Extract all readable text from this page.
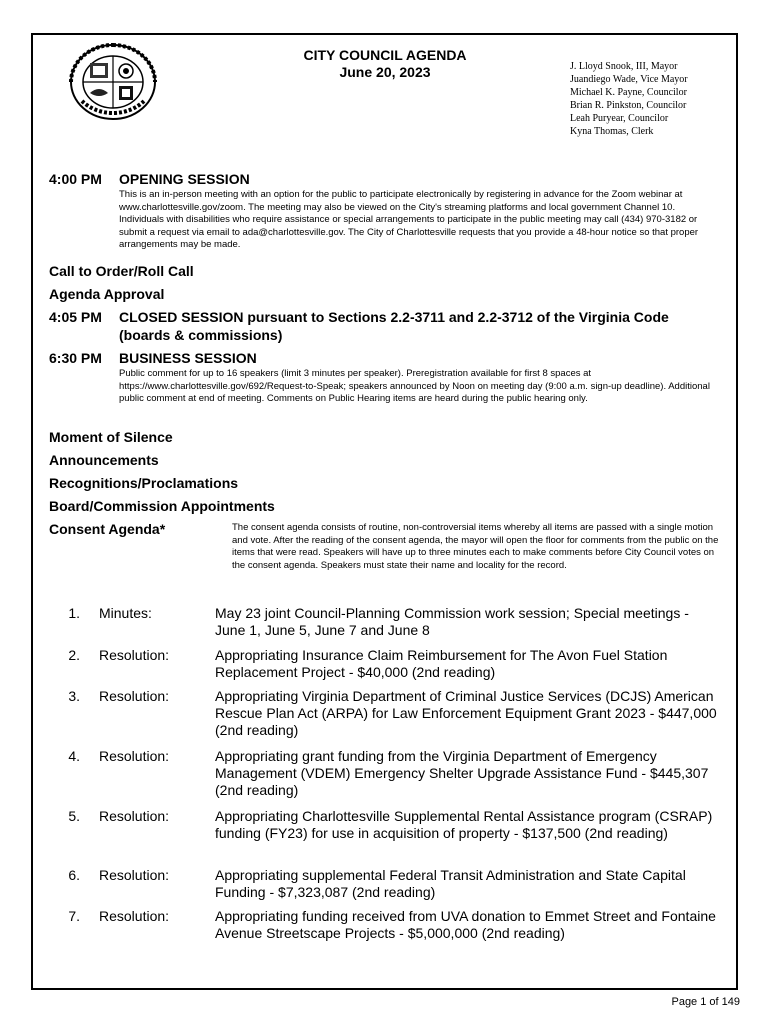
CITY COUNCIL AGENDA
June 20, 2023	J. Lloyd Snook, III, Mayor
Juandiego Wade, Vice Mayor
Michael K. Payne, Councilor
Brian R. Pinkston, Councilor
Leah Puryear, Councilor
Kyna Thomas, Clerk
4:00 PM OPENING SESSION
This is an in-person meeting with an option for the public to participate electronically by registering in advance for the Zoom webinar at www.charlottesville.gov/zoom. The meeting may also be viewed on the City's streaming platforms and local government Channel 10. Individuals with disabilities who require assistance or special arrangements to participate in the public meeting may call (434) 970-3182 or submit a request via email to ada@charlottesville.gov. The City of Charlottesville requests that you provide a 48-hour notice so that proper arrangements may be made.
Call to Order/Roll Call
Agenda Approval
4:05 PM CLOSED SESSION pursuant to Sections 2.2-3711 and 2.2-3712 of the Virginia Code
(boards & commissions)
6:30 PM BUSINESS SESSION
Public comment for up to 16 speakers (limit 3 minutes per speaker). Preregistration available for first 8 spaces at https://www.charlottesville.gov/692/Request-to-Speak; speakers announced by Noon on meeting day (9:00 a.m. sign-up deadline). Additional public comment at end of meeting. Comments on Public Hearing items are heard during the public hearing only.
Moment of Silence
Announcements
Recognitions/Proclamations
Board/Commission Appointments
Consent Agenda*	The consent agenda consists of routine, non-controversial items whereby all items are passed with a single motion and vote. After the reading of the consent agenda, the mayor will open the floor for comments from the public on the items that were read. Speakers will have up to three minutes each to make comments before City Council votes on the consent agenda. Speakers must state their name and locality for the record.
1. Minutes:	May 23 joint Council-Planning Commission work session; Special meetings - June 1, June 5, June 7 and June 8
2. Resolution:	Appropriating Insurance Claim Reimbursement for The Avon Fuel Station Replacement Project - $40,000 (2nd reading)
3. Resolution:	Appropriating Virginia Department of Criminal Justice Services (DCJS) American Rescue Plan Act (ARPA) for Law Enforcement Equipment Grant 2023 - $447,000 (2nd reading)
4. Resolution:	Appropriating grant funding from the Virginia Department of Emergency Management (VDEM) Emergency Shelter Upgrade Assistance Fund - $445,307 (2nd reading)
5. Resolution:	Appropriating Charlottesville Supplemental Rental Assistance program (CSRAP) funding (FY23) for use in acquisition of property - $137,500 (2nd reading)
6. Resolution:	Appropriating supplemental Federal Transit Administration and State Capital Funding - $7,323,087 (2nd reading)
7. Resolution:	Appropriating funding received from UVA donation to Emmet Street and Fontaine Avenue Streetscape Projects - $5,000,000 (2nd reading)
Page 1 of 149
